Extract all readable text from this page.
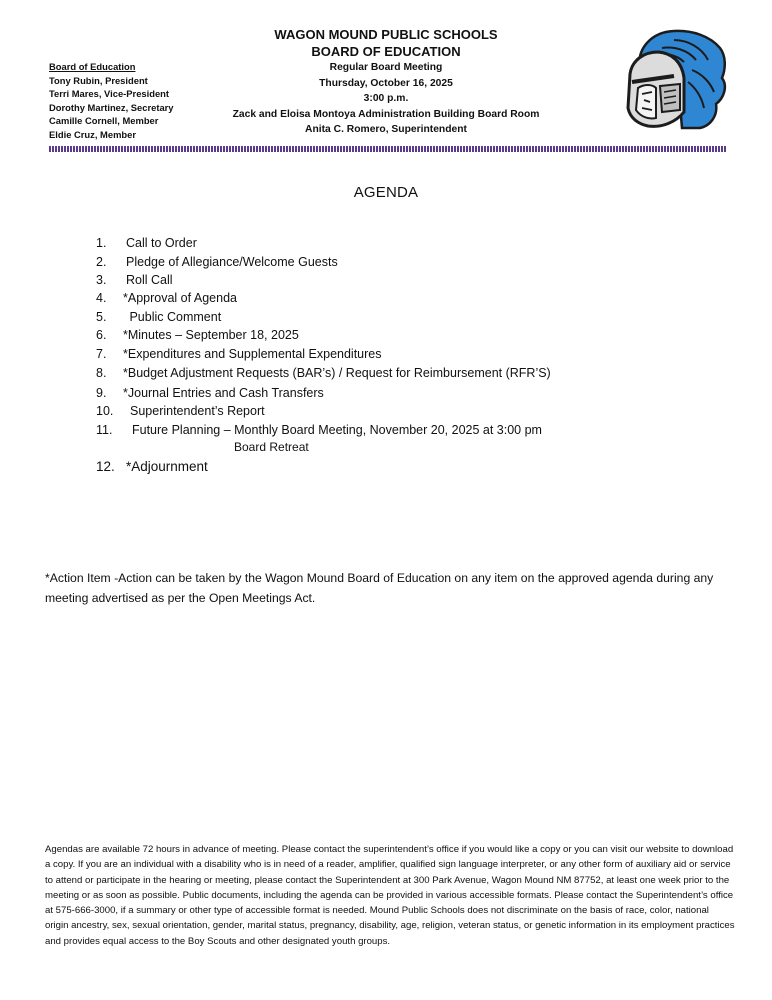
Board of Education
Tony Rubin, President
Terri Mares, Vice-President
Dorothy Martinez, Secretary
Camille Cornell, Member
Eldie Cruz, Member
WAGON MOUND PUBLIC SCHOOLS
BOARD OF EDUCATION
Regular Board Meeting
Thursday, October 16, 2025
3:00 p.m.
Zack and Eloisa Montoya Administration Building Board Room
Anita C. Romero, Superintendent
AGENDA
1. Call to Order
2. Pledge of Allegiance/Welcome Guests
3. Roll Call
4. *Approval of Agenda
5. Public Comment
6. *Minutes – September 18, 2025
7. *Expenditures and Supplemental Expenditures
8. *Budget Adjustment Requests (BAR’s) / Request for Reimbursement (RFR’S)
9. *Journal Entries and Cash Transfers
10. Superintendent’s Report
11. Future Planning – Monthly Board Meeting, November 20, 2025 at 3:00 pm
Board Retreat
12. *Adjournment
*Action Item -Action can be taken by the Wagon Mound Board of Education on any item on the approved agenda during any meeting advertised as per the Open Meetings Act.
Agendas are available 72 hours in advance of meeting. Please contact the superintendent’s office if you would like a copy or you can visit our website to download a copy. If you are an individual with a disability who is in need of a reader, amplifier, qualified sign language interpreter, or any other form of auxiliary aid or service to attend or participate in the hearing or meeting, please contact the Superintendent at 300 Park Avenue, Wagon Mound NM 87752, at least one week prior to the meeting or as soon as possible. Public documents, including the agenda can be provided in various accessible formats. Please contact the Superintendent’s office at 575-666-3000, if a summary or other type of accessible format is needed. Mound Public Schools does not discriminate on the basis of race, color, national origin ancestry, sex, sexual orientation, gender, marital status, pregnancy, disability, age, religion, veteran status, or genetic information in its employment practices and provides equal access to the Boy Scouts and other designated youth groups.
